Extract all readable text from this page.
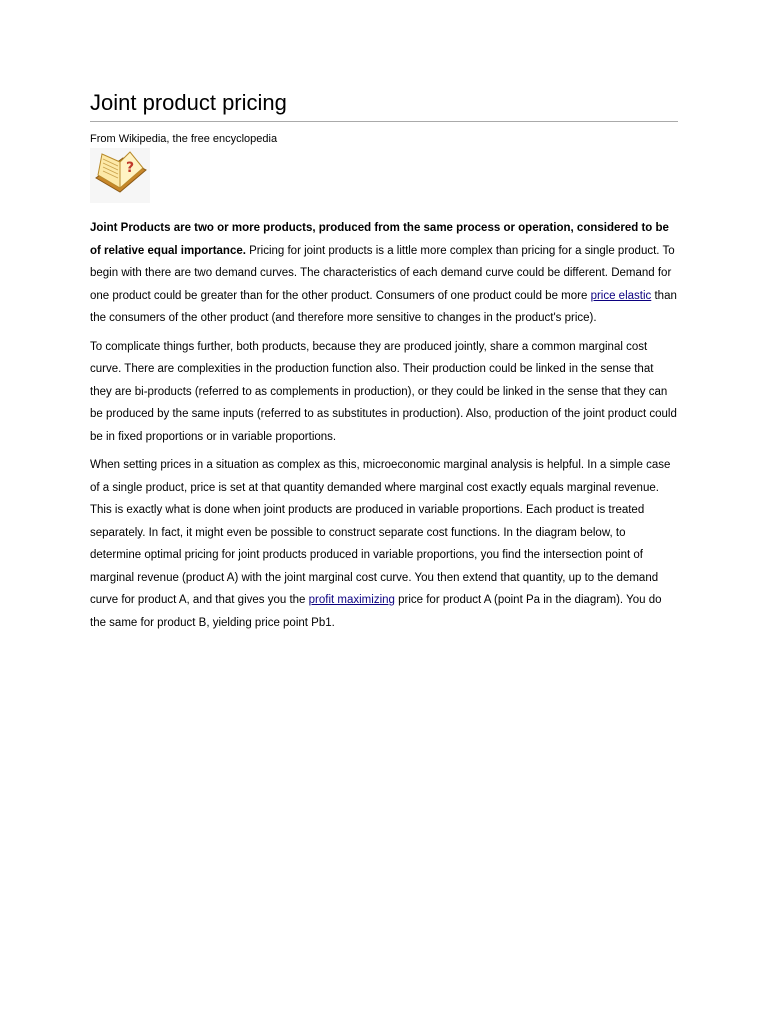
Joint product pricing
From Wikipedia, the free encyclopedia
?

Joint Products are two or more products, produced from the same process or operation, considered to be of relative equal importance. Pricing for joint products is a little more complex than pricing for a single product. To begin with there are two demand curves. The characteristics of each demand curve could be different. Demand for one product could be greater than for the other product. Consumers of one product could be more price elastic than the consumers of the other product (and therefore more sensitive to changes in the product's price).

To complicate things further, both products, because they are produced jointly, share a common marginal cost curve. There are complexities in the production function also. Their production could be linked in the sense that they are bi-products (referred to as complements in production), or they could be linked in the sense that they can be produced by the same inputs (referred to as substitutes in production). Also, production of the joint product could be in fixed proportions or in variable proportions.

When setting prices in a situation as complex as this, microeconomic marginal analysis is helpful. In a simple case of a single product, price is set at that quantity demanded where marginal cost exactly equals marginal revenue. This is exactly what is done when joint products are produced in variable proportions. Each product is treated separately. In fact, it might even be possible to construct separate cost functions. In the diagram below, to determine optimal pricing for joint products produced in variable proportions, you find the intersection point of marginal revenue (product A) with the joint marginal cost curve. You then extend that quantity, up to the demand curve for product A, and that gives you the profit maximizing price for product A (point Pa in the diagram). You do the same for product B, yielding price point Pb1.
